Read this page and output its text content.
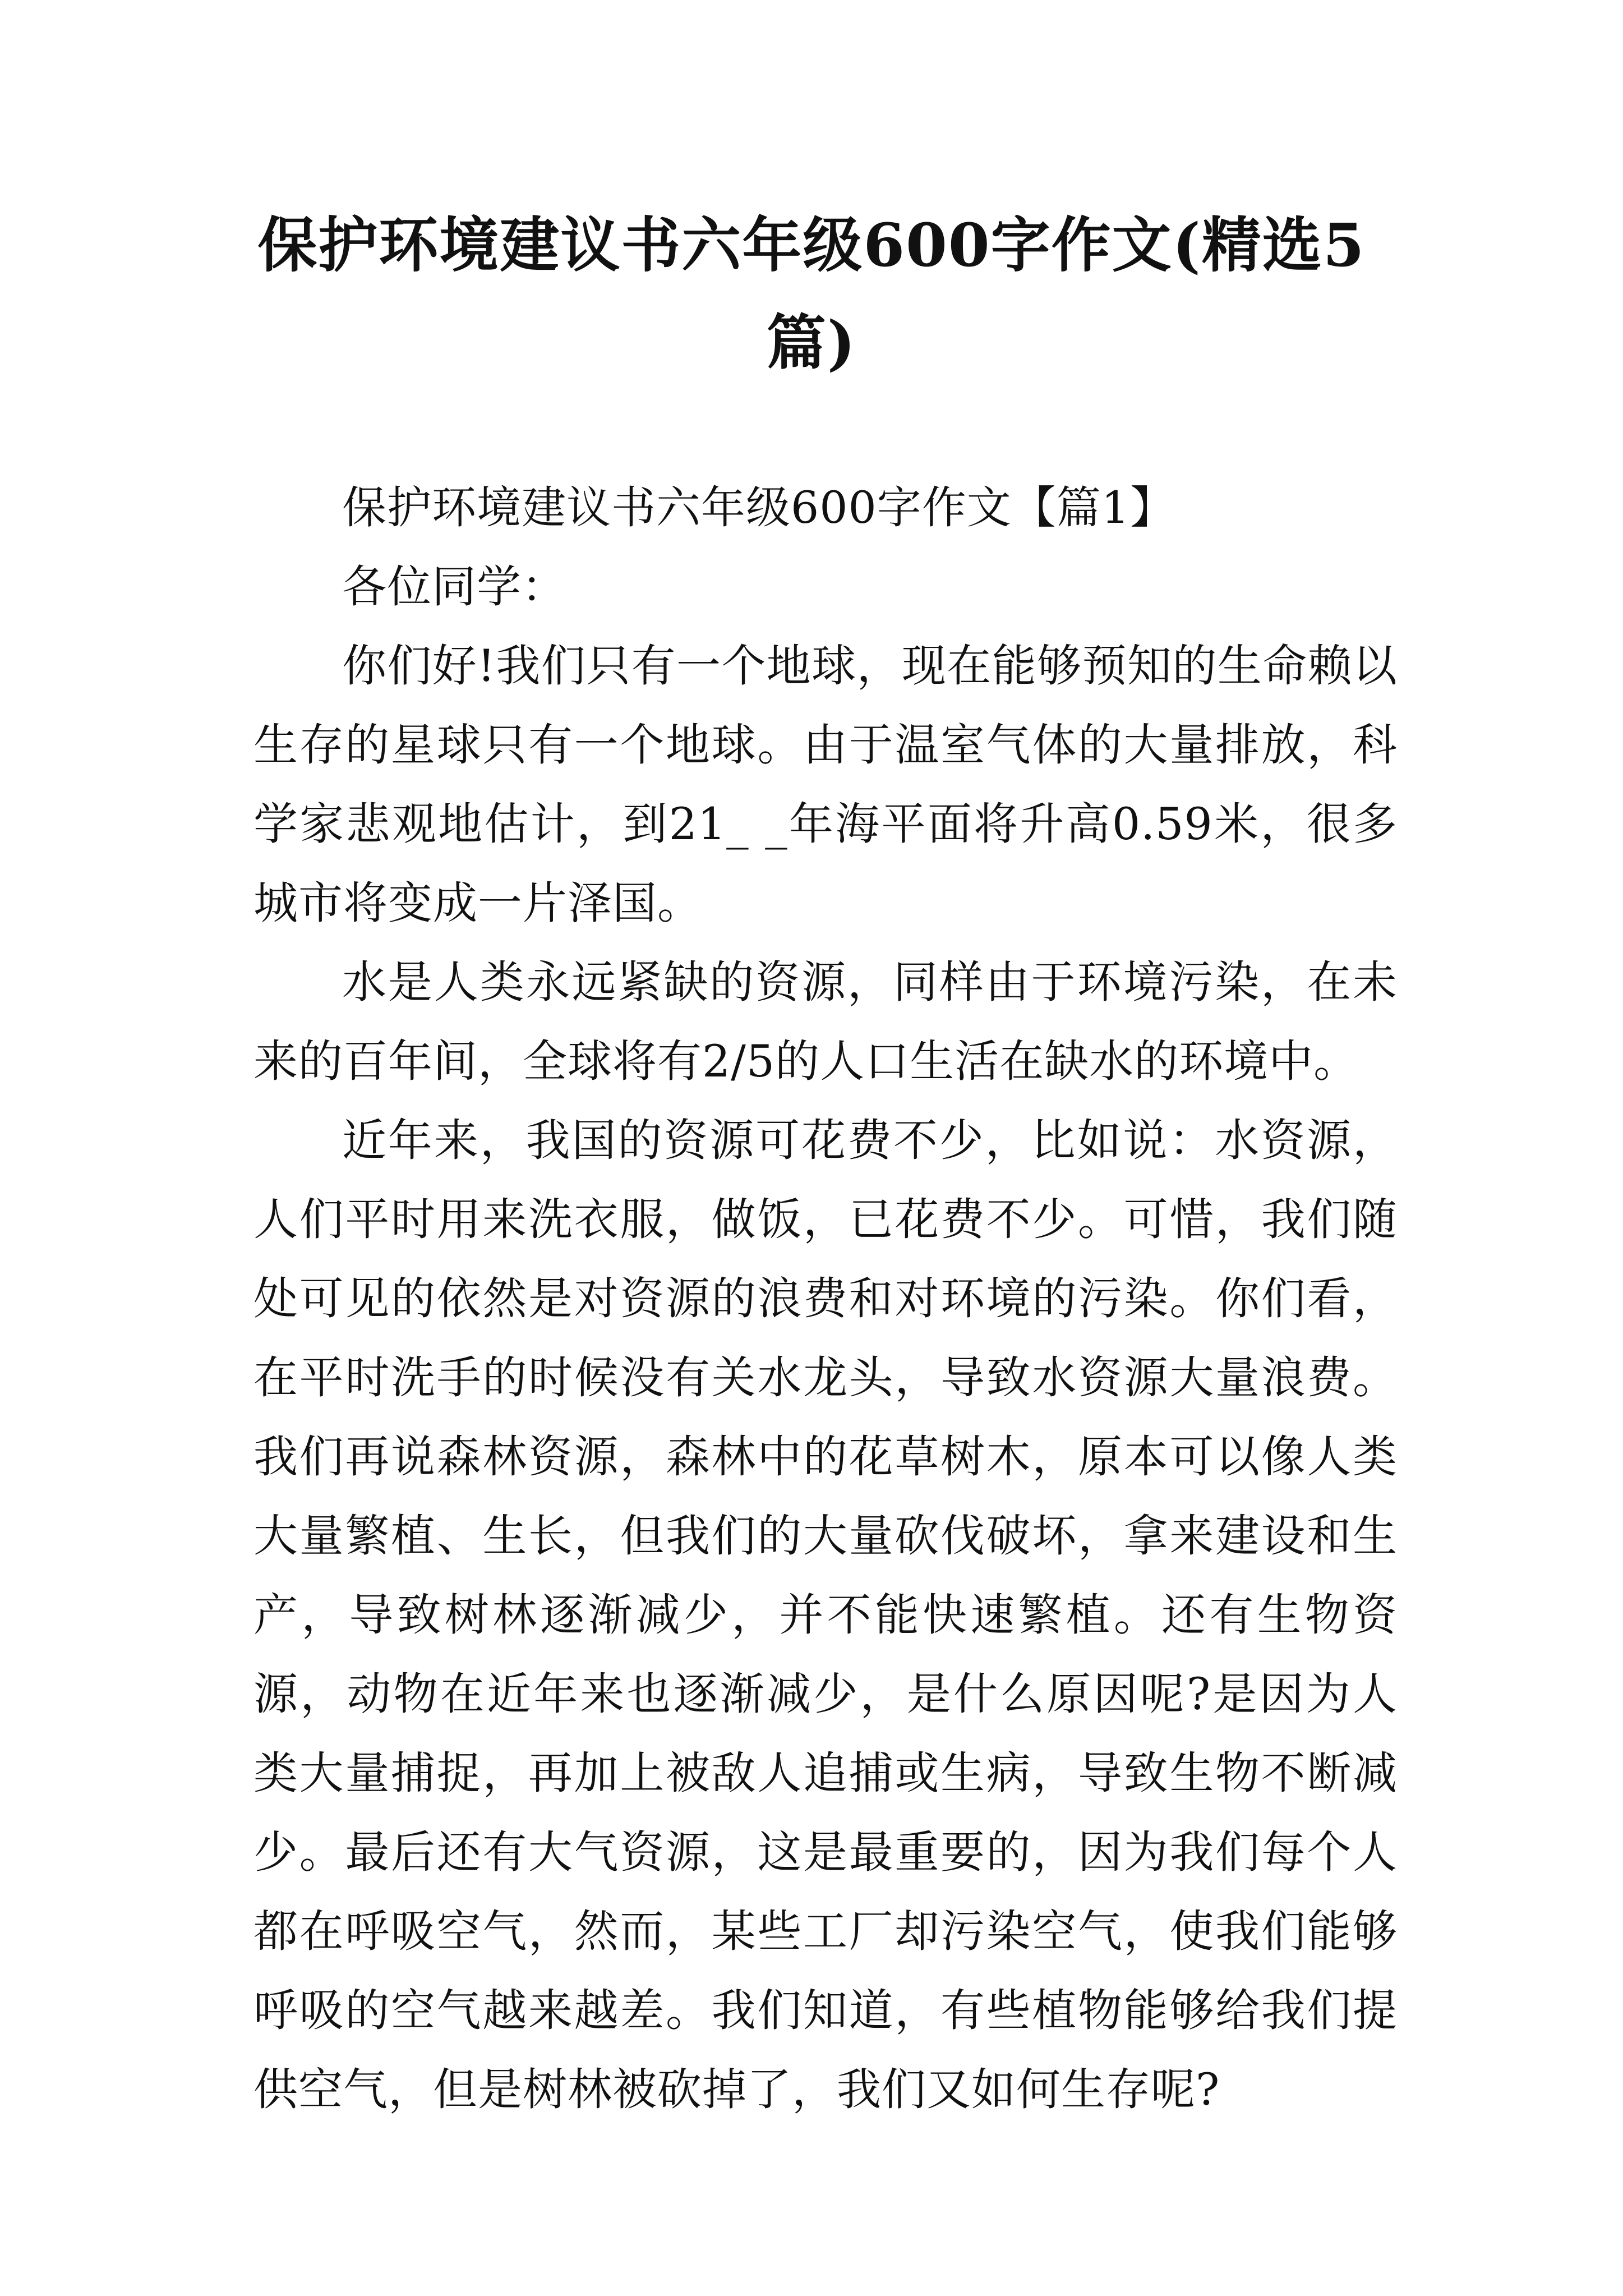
保护环境建议书六年级600字作文(精选5篇)

保护环境建议书六年级600字作文【篇1】

各位同学：

你们好!我们只有一个地球，现在能够预知的生命赖以生存的星球只有一个地球。由于温室气体的大量排放，科学家悲观地估计，到21_ _年海平面将升高0.59米，很多城市将变成一片泽国。

水是人类永远紧缺的资源，同样由于环境污染，在未来的百年间，全球将有2/5的人口生活在缺水的环境中。

近年来，我国的资源可花费不少，比如说：水资源，人们平时用来洗衣服，做饭，已花费不少。可惜，我们随处可见的依然是对资源的浪费和对环境的污染。你们看，在平时洗手的时候没有关水龙头，导致水资源大量浪费。我们再说森林资源，森林中的花草树木，原本可以像人类大量繁植、生长，但我们的大量砍伐破坏，拿来建设和生产，导致树林逐渐减少，并不能快速繁植。还有生物资源，动物在近年来也逐渐减少，是什么原因呢?是因为人类大量捕捉，再加上被敌人追捕或生病，导致生物不断减少。最后还有大气资源，这是最重要的，因为我们每个人都在呼吸空气，然而，某些工厂却污染空气，使我们能够呼吸的空气越来越差。我们知道，有些植物能够给我们提供空气，但是树林被砍掉了，我们又如何生存呢?
